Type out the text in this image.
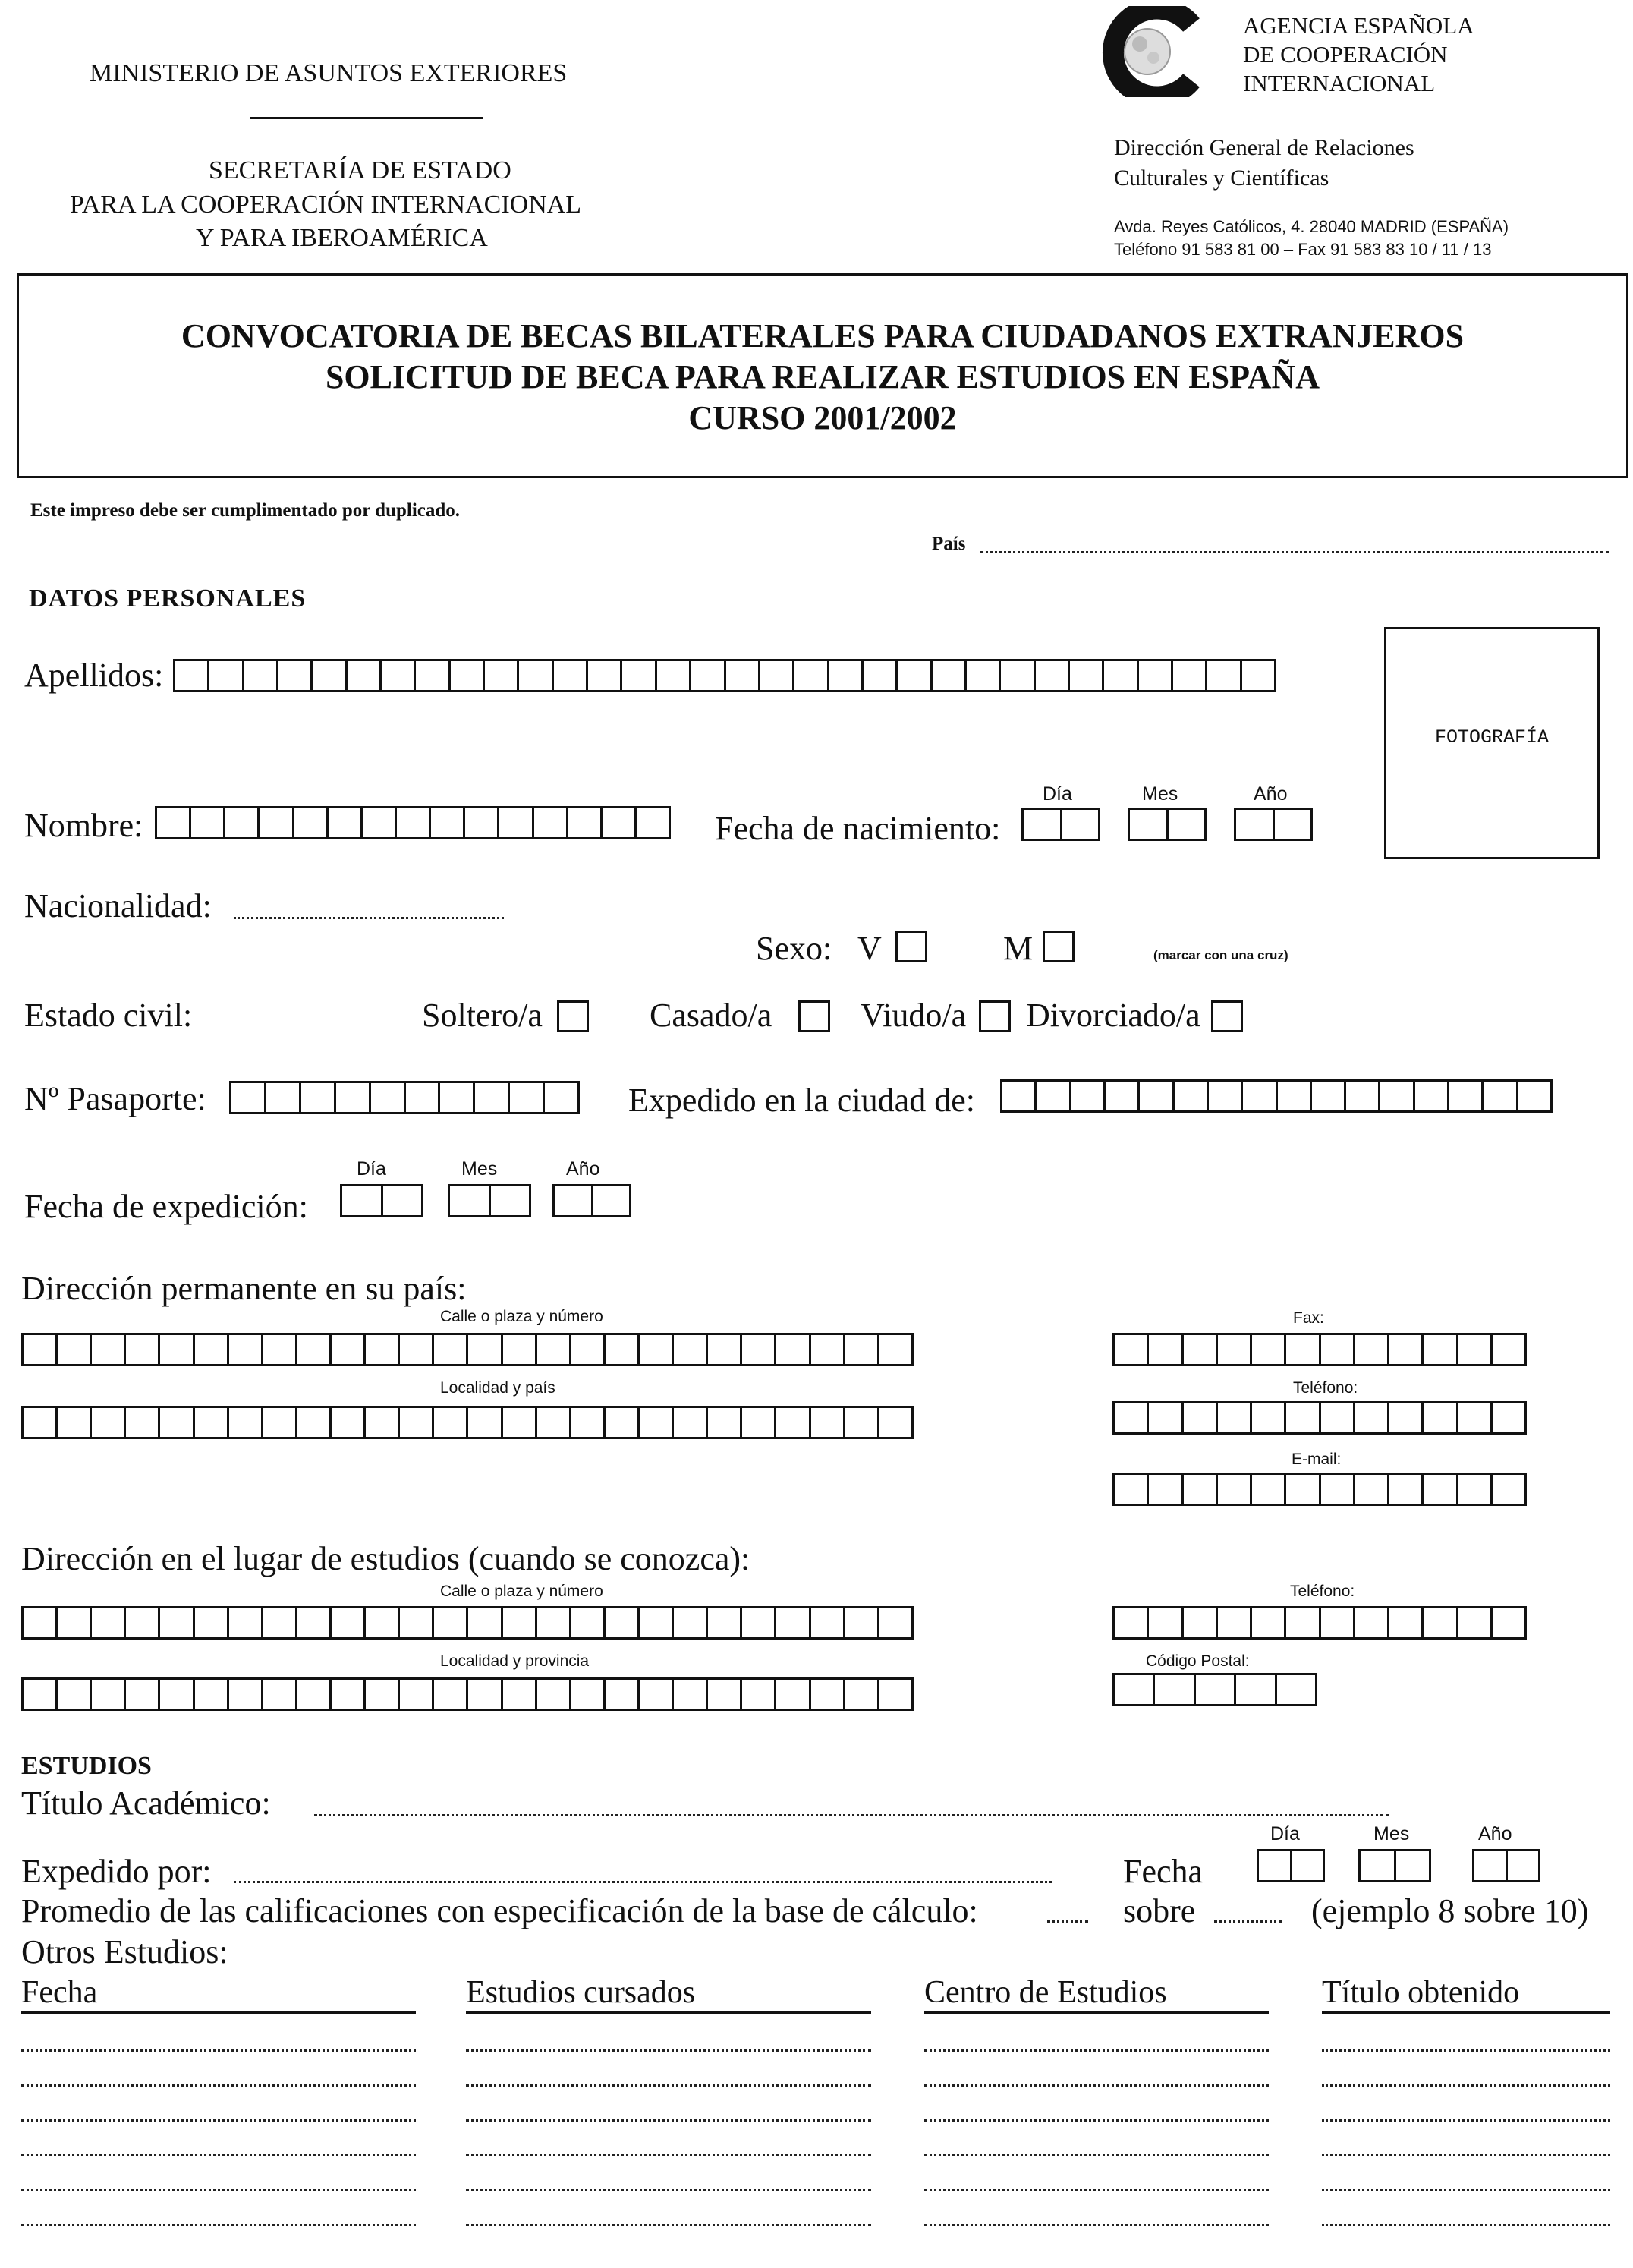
MINISTERIO DE ASUNTOS EXTERIORES
SECRETARÍA DE ESTADO
PARA LA COOPERACIÓN INTERNACIONAL
Y PARA IBEROAMÉRICA
AGENCIA ESPAÑOLA
DE COOPERACIÓN
INTERNACIONAL
Dirección General de Relaciones
Culturales y Científicas
Avda. Reyes Católicos, 4. 28040 MADRID (ESPAÑA)
Teléfono 91 583 81 00 – Fax 91 583 83 10 / 11 / 13
CONVOCATORIA DE BECAS BILATERALES PARA CIUDADANOS EXTRANJEROS
SOLICITUD DE BECA PARA REALIZAR ESTUDIOS EN ESPAÑA
CURSO 2001/2002
Este impreso debe ser cumplimentado por duplicado.
País
DATOS PERSONALES
Apellidos:
FOTOGRAFÍA
Nombre:	Fecha de nacimiento:
Día	Mes	Año
Nacionalidad:
Sexo: V	M	(marcar con una cruz)
Estado civil:	Soltero/a	Casado/a	Viudo/a Divorciado/a
Nº Pasaporte:	Expedido en la ciudad de:
Día	Mes	Año
Fecha de expedición:
Dirección permanente en su país:
Calle o plaza y número
Localidad y país
Fax:
Teléfono:
E-mail:
Dirección en el lugar de estudios (cuando se conozca):
Calle o plaza y número
Localidad y provincia
Teléfono:
Código Postal:
ESTUDIOS
Título Académico:
Día	Mes	Año
Expedido por:	Fecha
Promedio de las calificaciones con especificación de la base de cálculo:	sobre	(ejemplo 8 sobre 10)
Otros Estudios:
Fecha	Estudios cursados	Centro de Estudios	Título obtenido
